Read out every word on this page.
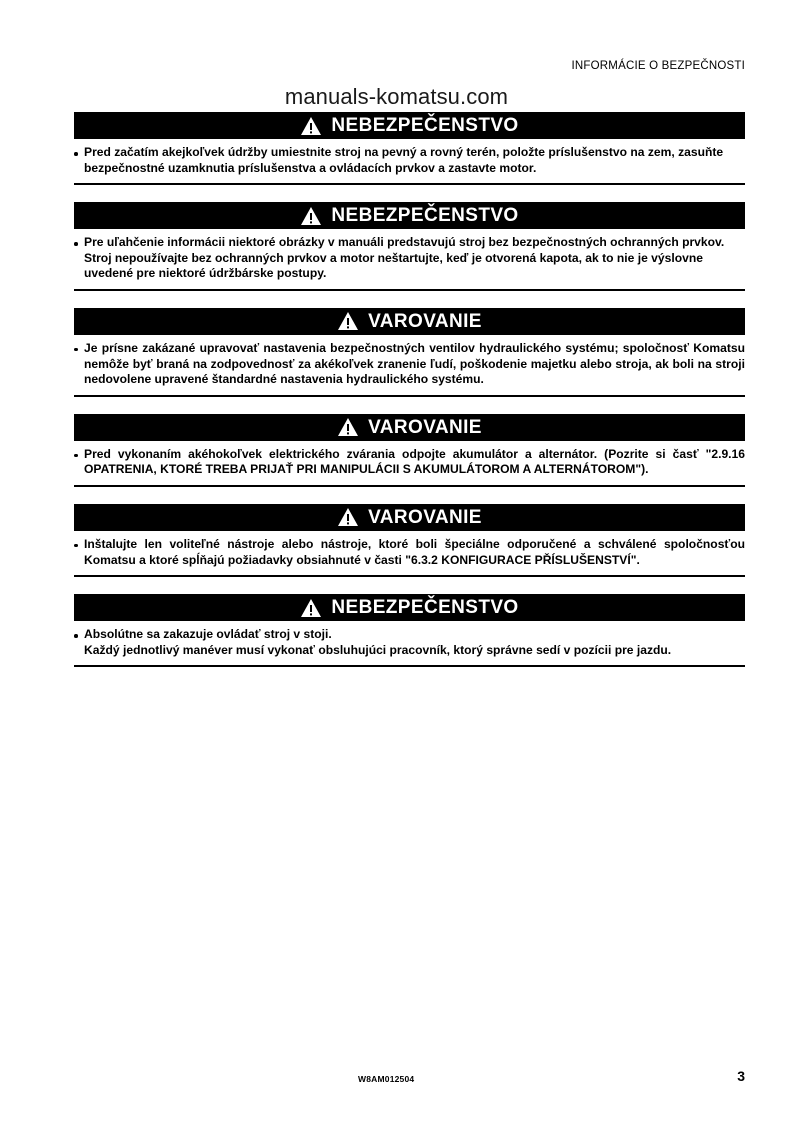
INFORMÁCIE O BEZPEČNOSTI
manuals-komatsu.com
NEBEZPEČENSTVO
Pred začatím akejkoľvek údržby umiestnite stroj na pevný a rovný terén, položte príslušenstvo na zem, zasuňte bezpečnostné uzamknutia príslušenstva a ovládacích prvkov a zastavte motor.
NEBEZPEČENSTVO
Pre uľahčenie informácii niektoré obrázky v manuáli predstavujú stroj bez bezpečnostných ochranných prvkov. Stroj nepoužívajte bez ochranných prvkov a motor neštartujte, keď je otvorená kapota, ak to nie je výslovne uvedené pre niektoré údržbárske postupy.
VAROVANIE
Je prísne zakázané upravovať nastavenia bezpečnostných ventilov hydraulického systému; spoločnosť Komatsu nemôže byť braná na zodpovednosť za akékoľvek zranenie ľudí, poškodenie majetku alebo stroja, ak boli na stroji nedovolene upravené štandardné nastavenia hydraulického systému.
VAROVANIE
Pred vykonaním akéhokoľvek elektrického zvárania odpojte akumulátor a alternátor. (Pozrite si časť "2.9.16 OPATRENIA, KTORÉ TREBA PRIJAŤ PRI MANIPULÁCII S AKUMULÁTOROM A ALTERNÁTOROM").
VAROVANIE
Inštalujte len voliteľné nástroje alebo nástroje, ktoré boli špeciálne odporučené a schválené spoločnosťou Komatsu a ktoré spĺňajú požiadavky obsiahnuté v časti "6.3.2 KONFIGURACE PŘÍSLUŠENSTVÍ".
NEBEZPEČENSTVO
Absolútne sa zakazuje ovládať stroj v stoji.
Každý jednotlivý manéver musí vykonať obsluhujúci pracovník, ktorý správne sedí v pozícii pre jazdu.
W8AM012504	3
